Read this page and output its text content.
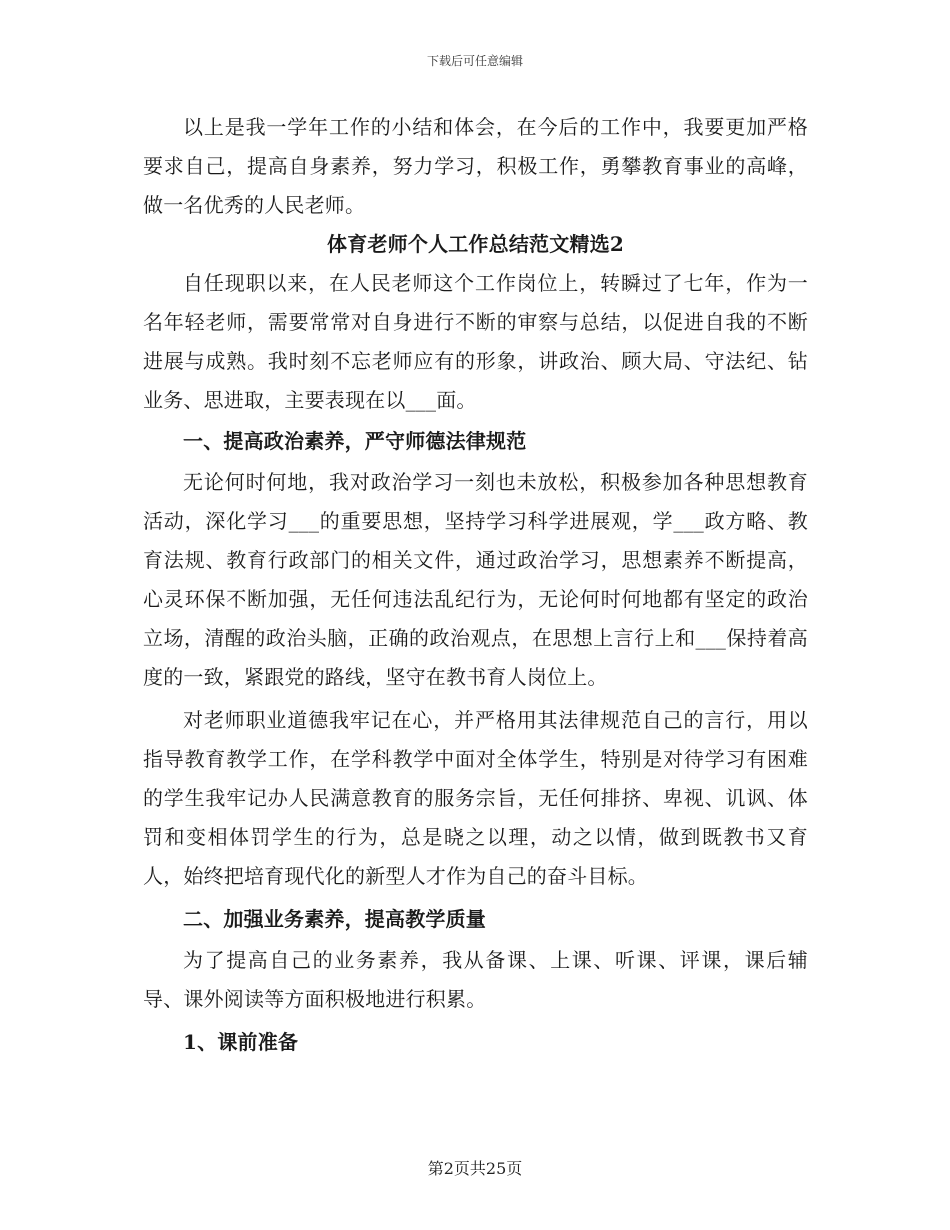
下载后可任意编辑

以上是我一学年工作的小结和体会，在今后的工作中，我要更加严格要求自己，提高自身素养，努力学习，积极工作，勇攀教育事业的高峰，做一名优秀的人民老师。

体育老师个人工作总结范文精选2

自任现职以来，在人民老师这个工作岗位上，转瞬过了七年，作为一名年轻老师，需要常常对自身进行不断的审察与总结，以促进自我的不断进展与成熟。我时刻不忘老师应有的形象，讲政治、顾大局、守法纪、钻业务、思进取，主要表现在以___面。

一、提高政治素养，严守师德法律规范

无论何时何地，我对政治学习一刻也未放松，积极参加各种思想教育活动，深化学习___的重要思想，坚持学习科学进展观，学___政方略、教育法规、教育行政部门的相关文件，通过政治学习，思想素养不断提高，心灵环保不断加强，无任何违法乱纪行为，无论何时何地都有坚定的政治立场，清醒的政治头脑，正确的政治观点，在思想上言行上和___保持着高度的一致，紧跟党的路线，坚守在教书育人岗位上。

对老师职业道德我牢记在心，并严格用其法律规范自己的言行，用以指导教育教学工作，在学科教学中面对全体学生，特别是对待学习有困难的学生我牢记办人民满意教育的服务宗旨，无任何排挤、卑视、讥讽、体罚和变相体罚学生的行为，总是晓之以理，动之以情，做到既教书又育人，始终把培育现代化的新型人才作为自己的奋斗目标。

二、加强业务素养，提高教学质量

为了提高自己的业务素养，我从备课、上课、听课、评课，课后辅导、课外阅读等方面积极地进行积累。

1、课前准备

第2页共25页
